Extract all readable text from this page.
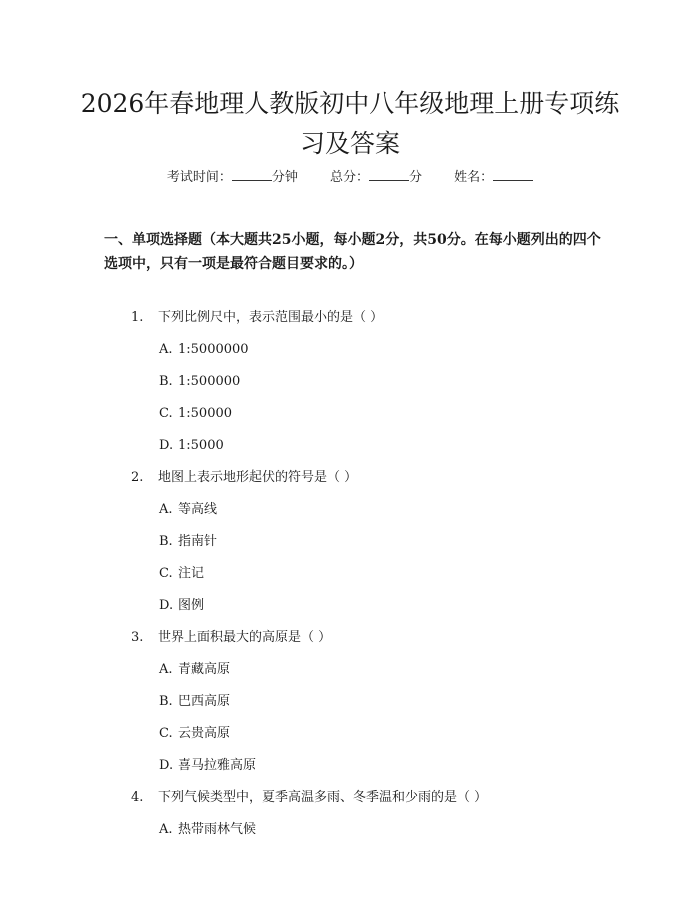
2026年春地理人教版初中八年级地理上册专项练习及答案
考试时间：	分钟 总分：	分 姓名：

一、单项选择题（本大题共25小题，每小题2分，共50分。在每小题列出的四个选项中，只有一项是最符合题目要求的。）

1. 下列比例尺中，表示范围最小的是（ ）
A. 1:5000000
B. 1:500000
C. 1:50000
D. 1:5000
2. 地图上表示地形起伏的符号是（ ）
A. 等高线
B. 指南针
C. 注记
D. 图例
3. 世界上面积最大的高原是（ ）
A. 青藏高原
B. 巴西高原
C. 云贵高原
D. 喜马拉雅高原
4. 下列气候类型中，夏季高温多雨、冬季温和少雨的是（ ）
A. 热带雨林气候
